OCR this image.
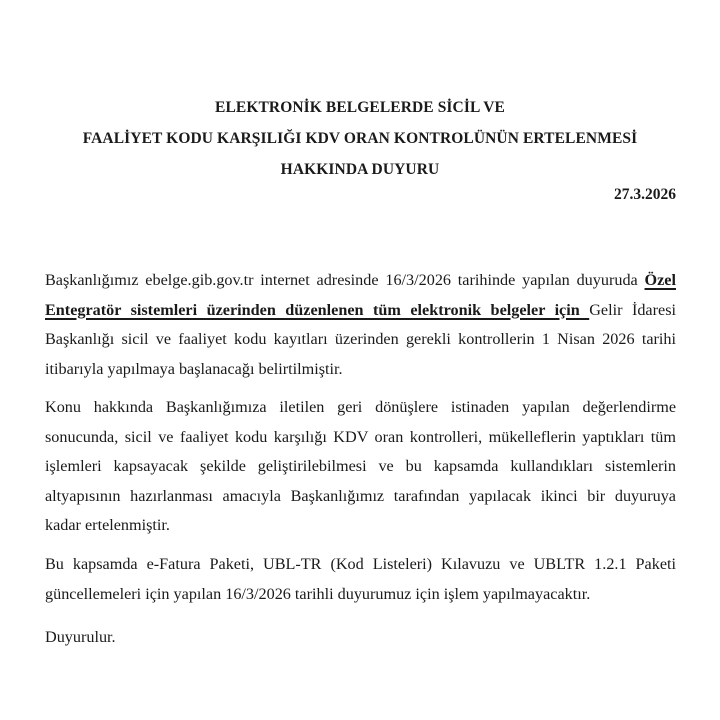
ELEKTRONİK BELGELERDE SİCİL VE
FAALİYET KODU KARŞILIĞI KDV ORAN KONTROLÜNÜN ERTELENMESİ
HAKKINDA DUYURU
27.3.2026
Başkanlığımız ebelge.gib.gov.tr internet adresinde 16/3/2026 tarihinde yapılan duyuruda Özel
Entegratör sistemleri üzerinden düzenlenen tüm elektronik belgeler için Gelir İdaresi
Başkanlığı sicil ve faaliyet kodu kayıtları üzerinden gerekli kontrollerin 1 Nisan 2026 tarihi
itibarıyla yapılmaya başlanacağı belirtilmiştir.
Konu hakkında Başkanlığımıza iletilen geri dönüşlere istinaden yapılan değerlendirme
sonucunda, sicil ve faaliyet kodu karşılığı KDV oran kontrolleri, mükelleflerin yaptıkları tüm
işlemleri kapsayacak şekilde geliştirilebilmesi ve bu kapsamda kullandıkları sistemlerin
altyapısının hazırlanması amacıyla Başkanlığımız tarafından yapılacak ikinci bir duyuruya
kadar ertelenmiştir.
Bu kapsamda e-Fatura Paketi, UBL-TR (Kod Listeleri) Kılavuzu ve UBLTR 1.2.1 Paketi
güncellemeleri için yapılan 16/3/2026 tarihli duyurumuz için işlem yapılmayacaktır.
Duyurulur.
